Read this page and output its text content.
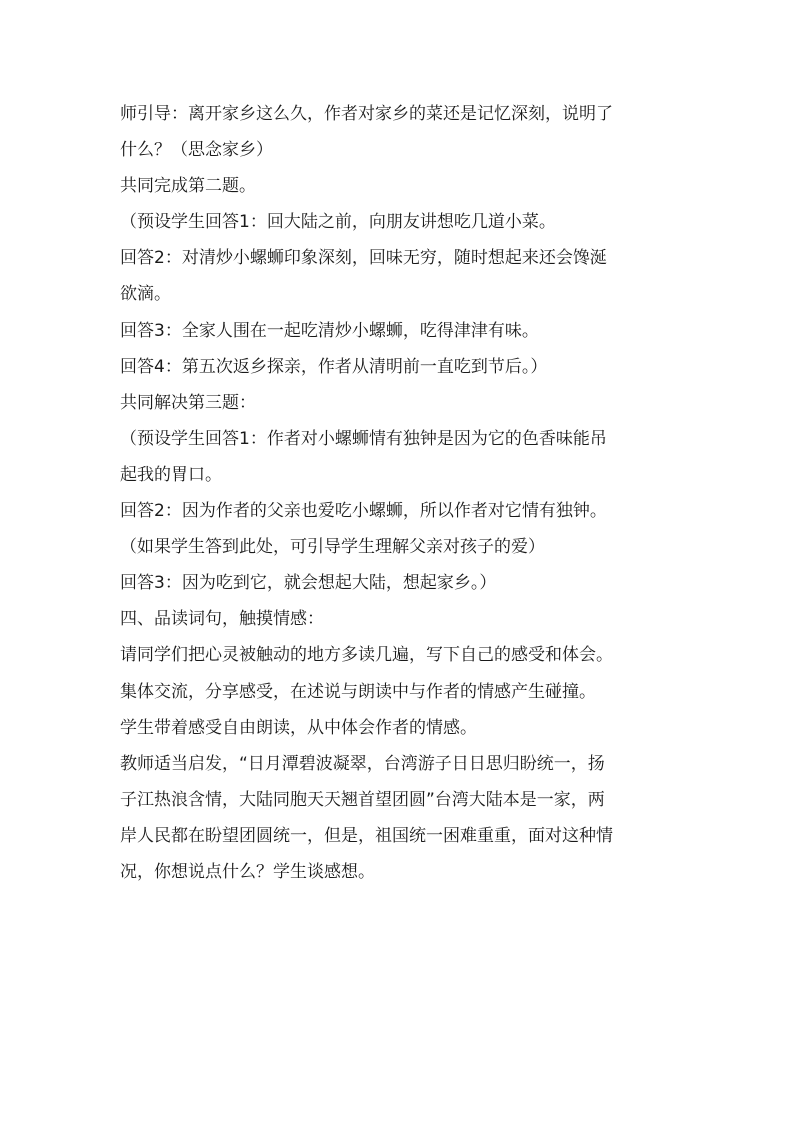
师引导：离开家乡这么久，作者对家乡的菜还是记忆深刻，说明了
什么？（思念家乡）
共同完成第二题。
（预设学生回答1：回大陆之前，向朋友讲想吃几道小菜。
回答2：对清炒小螺蛳印象深刻，回味无穷，随时想起来还会馋涎
欲滴。
回答3：全家人围在一起吃清炒小螺蛳，吃得津津有味。
回答4：第五次返乡探亲，作者从清明前一直吃到节后。）
共同解决第三题：
（预设学生回答1：作者对小螺蛳情有独钟是因为它的色香味能吊
起我的胃口。
回答2：因为作者的父亲也爱吃小螺蛳，所以作者对它情有独钟。
（如果学生答到此处，可引导学生理解父亲对孩子的爱）
回答3：因为吃到它，就会想起大陆，想起家乡。）
四、品读词句，触摸情感：
请同学们把心灵被触动的地方多读几遍，写下自己的感受和体会。
集体交流，分享感受，在述说与朗读中与作者的情感产生碰撞。
学生带着感受自由朗读，从中体会作者的情感。
教师适当启发，“日月潭碧波凝翠，台湾游子日日思归盼统一，扬
子江热浪含情，大陆同胞天天翘首望团圆”台湾大陆本是一家，两
岸人民都在盼望团圆统一，但是，祖国统一困难重重，面对这种情
况，你想说点什么？学生谈感想。
